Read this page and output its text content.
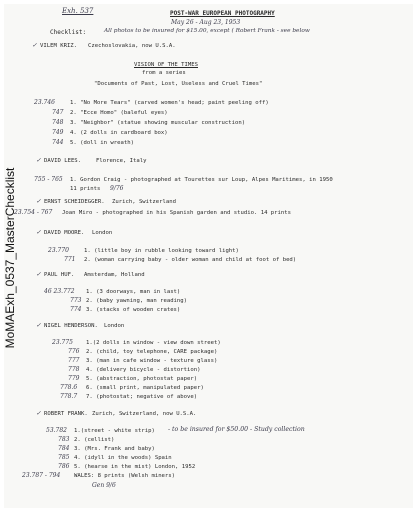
MoMAExh_0537_MasterChecklist
Exh. 537	POST-WAR EUROPEAN PHOTOGRAPHY
May 26 - Aug 23, 1953
Checklist:	All photos to be insured for $15.00, except ( Robert Frank - see below
✓ VILEM KRIZ. Czechoslovakia, now U.S.A.
VISION OF THE TIMES
from a series
"Documents of Past, Lost, Useless and Cruel Times"
23.746	1. "No More Tears" (carved women's head; paint peeling off)
747 2. "Ecce Homo" (baleful eyes)
748 3. "Neighbor" (statue showing muscular construction)
749 4. (2 dolls in cardboard box)
744 5. (doll in wreath)
✓ DAVID LEES.	Florence, Italy
755 - 765 1. Gordon Craig - photographed at Tourettes sur Loup, Alpes Maritimes, in 1950
11 prints 9/76
✓ ERNST SCHEIDEGGER. Zurich, Switzerland
23.754 - 767 Joan Miro - photographed in his Spanish garden and studio. 14 prints
✓ DAVID MOORE. London
23.770	1. (little boy in rubble looking toward light)
771 2. (woman carrying baby - older woman and child at foot of bed)
✓ PAUL HUF. Amsterdam, Holland
46 23.772 1. (3 doorways, man in last)
773 2. (baby yawning, man reading)
774 3. (stacks of wooden crates)
✓ NIGEL HENDERSON. London
23.775 1.(2 dolls in window - view down street)
776 2. (child, toy telephone, CARE package)
777 3. (man in cafe window - texture glass)
778 4. (delivery bicycle - distortion)
779 5. (abstraction, photostat paper)
778.6 6. (small print, manipulated paper)
778.7 7. (photostat; negative of above)
✓ ROBERT FRANK. Zurich, Switzerland, now U.S.A.
53.782 1.(street - white strip) - to be insured for $50.00 - Study collection
783 2. (cellist)
784 3. (Mrs. Frank and baby)
785 4. (idyll in the woods) Spain
786 5. (hearse in the mist) London, 1952
23.787 - 794 WALES: 8 prints (Welsh miners)
Gen 9/6
